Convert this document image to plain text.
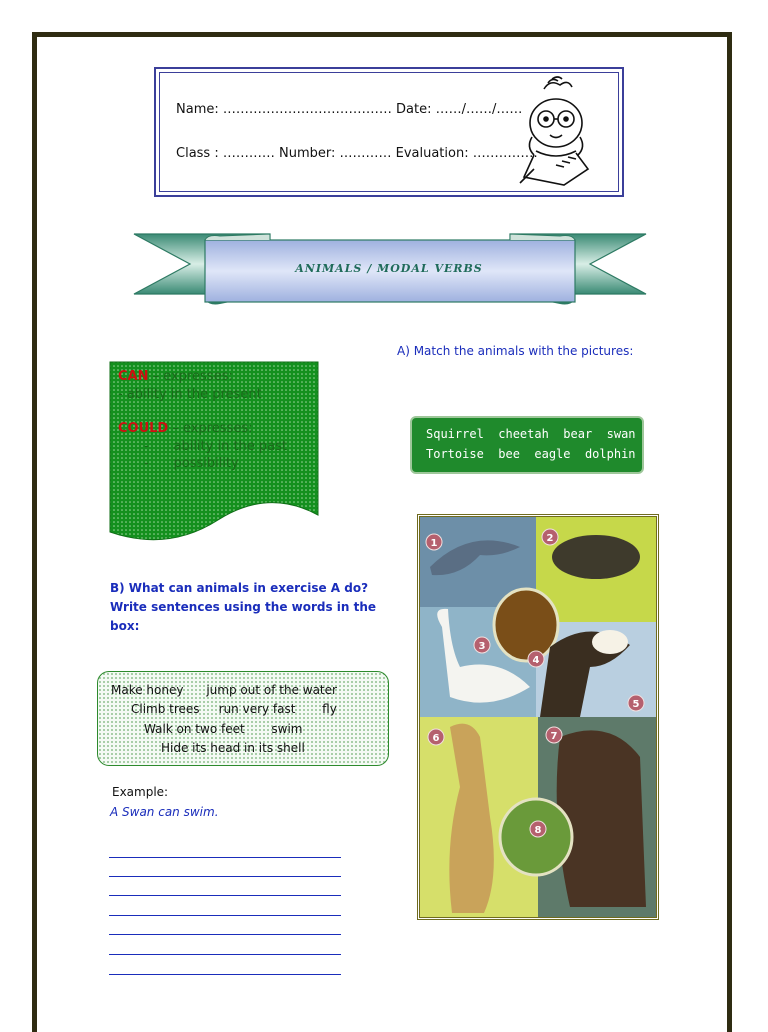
Name: ………………………………… Date: ……/……/……
Class : ………… Number: ………… Evaluation: ……………
ANIMALS / MODAL VERBS
CAN – expresses:
- ability in the present
COULD – expresses:
-      ability in the past
-      possibility
A) Match the animals with the pictures:
Squirrel  cheetah  bear  swan
Tortoise  bee  eagle  dolphin
1	2
3
4
5
6	7
8
B) What can animals in exercise A do? Write sentences using the words in the box:
Make honey      jump out of the water
Climb trees     run very fast       fly
Walk on two feet       swim
Hide its head in its shell
Example:
A Swan can swim.
